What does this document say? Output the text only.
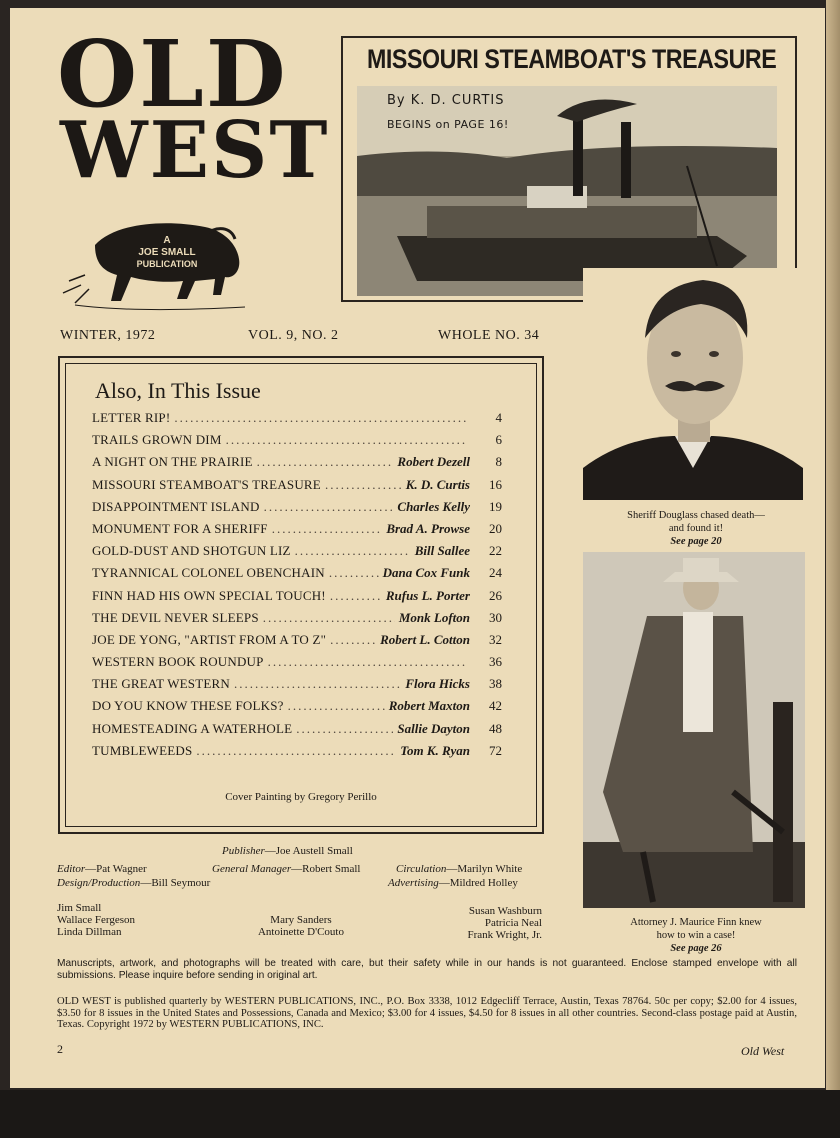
OLD
WEST
A
JOE SMALL
PUBLICATION
MISSOURI STEAMBOAT'S TREASURE
By K. D. CURTIS
BEGINS on PAGE 16!
WINTER, 1972	VOL. 9, NO. 2	WHOLE NO. 34
Also, In This Issue
LETTER RIP! .....	4
TRAILS GROWN DIM .....	6
A NIGHT ON THE PRAIRIE .....	Robert Dezell	8
MISSOURI STEAMBOAT'S TREASURE .....	K. D. Curtis	16
DISAPPOINTMENT ISLAND .....	Charles Kelly	19
MONUMENT FOR A SHERIFF .....	Brad A. Prowse	20
GOLD-DUST AND SHOTGUN LIZ .....	Bill Sallee	22
TYRANNICAL COLONEL OBENCHAIN .....	Dana Cox Funk	24
FINN HAD HIS OWN SPECIAL TOUCH! .....	Rufus L. Porter	26
THE DEVIL NEVER SLEEPS .....	Monk Lofton	30
JOE DE YONG, "ARTIST FROM A TO Z" .....	Robert L. Cotton	32
WESTERN BOOK ROUNDUP .....	36
THE GREAT WESTERN .....	Flora Hicks	38
DO YOU KNOW THESE FOLKS? .....	Robert Maxton	42
HOMESTEADING A WATERHOLE .....	Sallie Dayton	48
TUMBLEWEEDS .....	Tom K. Ryan	72
Cover Painting by Gregory Perillo
Sheriff Douglass chased death—
and found it!
See page 20
Attorney J. Maurice Finn knew
how to win a case!
See page 26
Publisher—Joe Austell Small
Editor—Pat Wagner	General Manager—Robert Small	Circulation—Marilyn White
Design/Production—Bill Seymour	Advertising—Mildred Holley
Jim Small
Wallace Fergeson
Linda Dillman
Mary Sanders
Antoinette D'Couto
Susan Washburn
Patricia Neal
Frank Wright, Jr.
Manuscripts, artwork, and photographs will be treated with care, but their safety while in our hands is not guaranteed. Enclose stamped envelope with all submissions. Please inquire before sending in original art.
OLD WEST is published quarterly by WESTERN PUBLICATIONS, INC., P.O. Box 3338, 1012 Edgecliff Terrace, Austin, Texas 78764. 50c per copy; $2.00 for 4 issues, $3.50 for 8 issues in the United States and Possessions, Canada and Mexico; $3.00 for 4 issues, $4.50 for 8 issues in all other countries. Second-class postage paid at Austin, Texas. Copyright 1972 by WESTERN PUBLICATIONS, INC.
2	Old West
